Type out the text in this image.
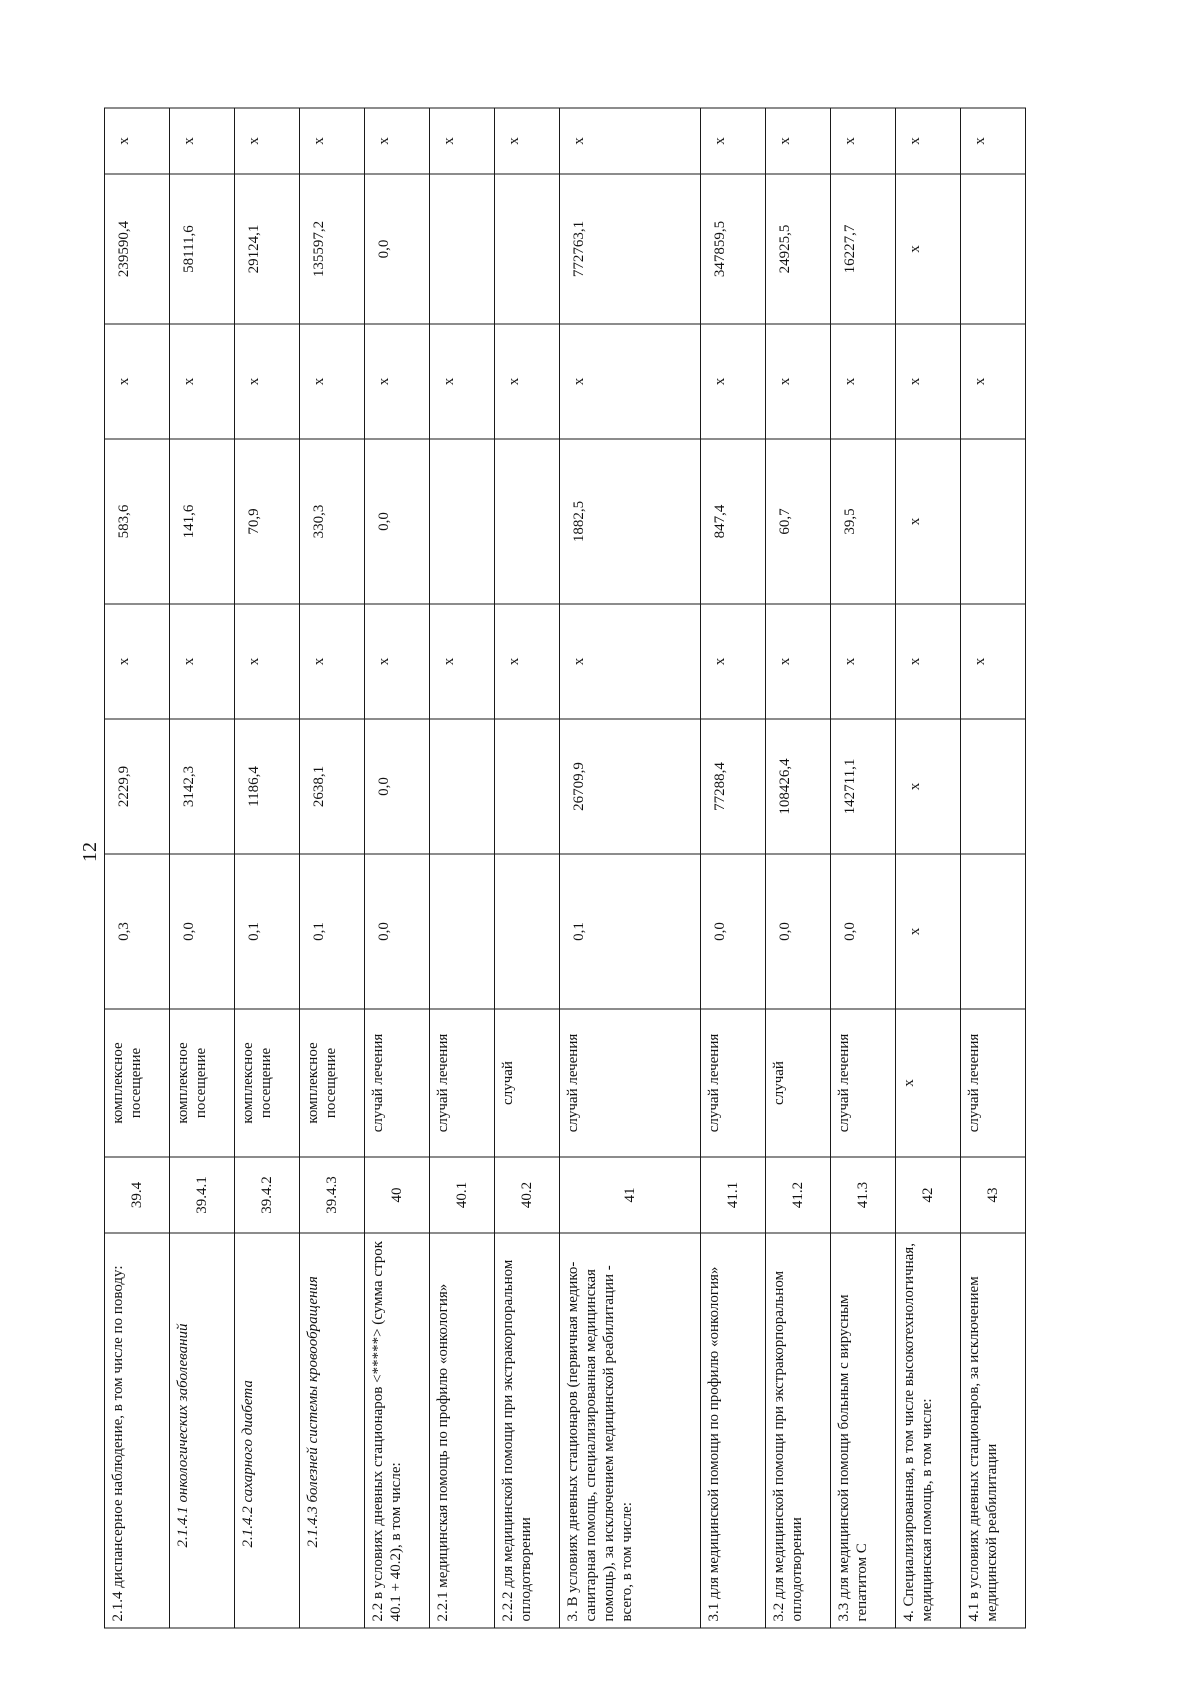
12
2.1.4 диспансерное наблюдение, в том числе по поводу:	39.4	комплексное посещение	0,3	2229,9	х	583,6	х	239590,4	х
2.1.4.1 онкологических заболеваний	39.4.1	комплексное посещение	0,0	3142,3	х	141,6	х	58111,6	х
2.1.4.2 сахарного диабета	39.4.2	комплексное посещение	0,1	1186,4	х	70,9	х	29124,1	х
2.1.4.3 болезней системы кровообращения	39.4.3	комплексное посещение	0,1	2638,1	х	330,3	х	135597,2	х
2.2 в условиях дневных стационаров <*****> (сумма строк 40.1 + 40.2), в том числе:	40	случай лечения	0,0	0,0	х	0,0	х	0,0	х
2.2.1 медицинская помощь по профилю «онкология»	40.1	случай лечения			х		х		х
2.2.2 для медицинской помощи при экстракорпоральном оплодотворении	40.2	случай			х		х		х
3. В условиях дневных стационаров (первичная медико-санитарная помощь, специализированная медицинская помощь), за исключением медицинской реабилитации - всего, в том числе:	41	случай лечения	0,1	26709,9	х	1882,5	х	772763,1	х
3.1 для медицинской помощи по профилю «онкология»	41.1	случай лечения	0,0	77288,4	х	847,4	х	347859,5	х
3.2 для медицинской помощи при экстракорпоральном оплодотворении	41.2	случай	0,0	108426,4	х	60,7	х	24925,5	х
3.3 для медицинской помощи больным с вирусным гепатитом С	41.3	случай лечения	0,0	142711,1	х	39,5	х	16227,7	х
4. Специализированная, в том числе высокотехнологичная, медицинская помощь, в том числе:	42	х	х	х	х	х	х	х	х
4.1 в условиях дневных стационаров, за исключением медицинской реабилитации	43	случай лечения			х		х		х
